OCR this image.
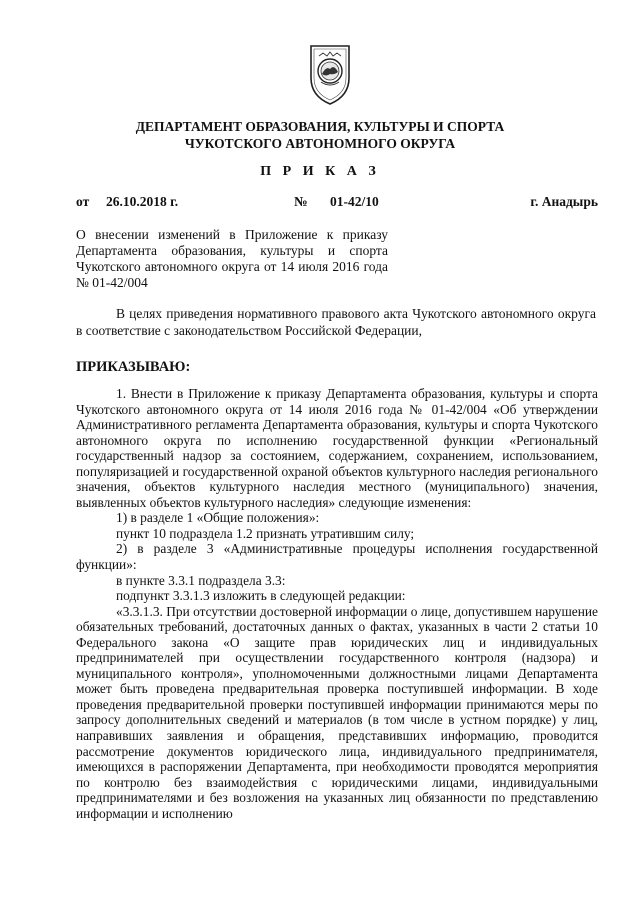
ДЕПАРТАМЕНТ ОБРАЗОВАНИЯ, КУЛЬТУРЫ И СПОРТА
ЧУКОТСКОГО АВТОНОМНОГО ОКРУГА
П Р И К А З
от 26.10.2018 г.	№ 01-42/10	г. Анадырь
О внесении изменений в Приложение к приказу Департамента образования, культуры и спорта Чукотского автономного округа от 14 июля 2016 года № 01-42/004
В целях приведения нормативного правового акта Чукотского автономного округа в соответствие с законодательством Российской Федерации,
ПРИКАЗЫВАЮ:

1. Внести в Приложение к приказу Департамента образования, культуры и спорта Чукотского автономного округа от 14 июля 2016 года № 01-42/004 «Об утверждении Административного регламента Департамента образования, культуры и спорта Чукотского автономного округа по исполнению государственной функции «Региональный государственный надзор за состоянием, содержанием, сохранением, использованием, популяризацией и государственной охраной объектов культурного наследия регионального значения, объектов культурного наследия местного (муниципального) значения, выявленных объектов культурного наследия» следующие изменения:

1) в разделе 1 «Общие положения»:

пункт 10 подраздела 1.2 признать утратившим силу;

2) в разделе 3 «Административные процедуры исполнения государственной функции»:

в пункте 3.3.1 подраздела 3.3:

подпункт 3.3.1.3 изложить в следующей редакции:

«3.3.1.3. При отсутствии достоверной информации о лице, допустившем нарушение обязательных требований, достаточных данных о фактах, указанных в части 2 статьи 10 Федерального закона «О защите прав юридических лиц и индивидуальных предпринимателей при осуществлении государственного контроля (надзора) и муниципального контроля», уполномоченными должностными лицами Департамента может быть проведена предварительная проверка поступившей информации. В ходе проведения предварительной проверки поступившей информации принимаются меры по запросу дополнительных сведений и материалов (в том числе в устном порядке) у лиц, направивших заявления и обращения, представивших информацию, проводится рассмотрение документов юридического лица, индивидуального предпринимателя, имеющихся в распоряжении Департамента, при необходимости проводятся мероприятия по контролю без взаимодействия с юридическими лицами, индивидуальными предпринимателями и без возложения на указанных лиц обязанности по представлению информации и исполнению
